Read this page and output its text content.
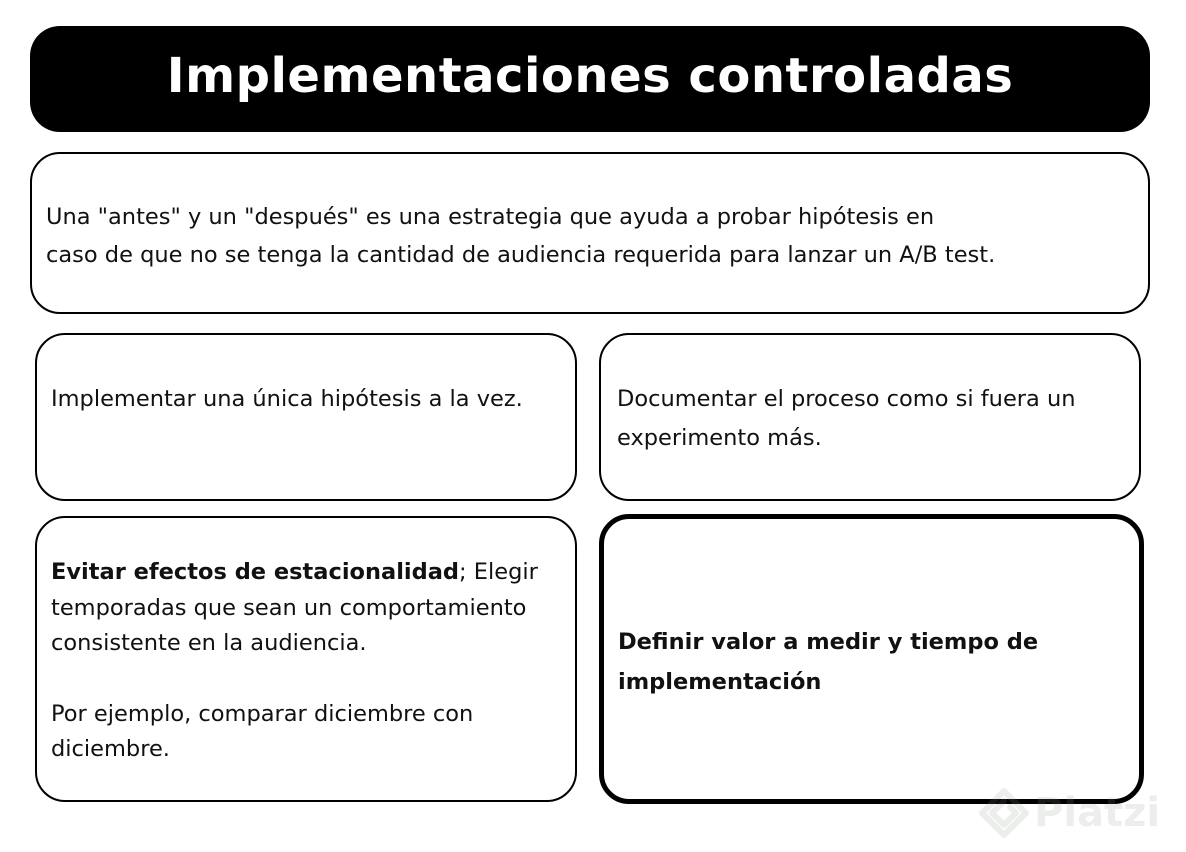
Implementaciones controladas

Una "antes" y un "después" es una estrategia que ayuda a probar hipótesis en

caso de que no se tenga la cantidad de audiencia requerida para lanzar un A/B test.

Implementar una única hipótesis a la vez.	Documentar el proceso como si fuera un experimento más.

Evitar efectos de estacionalidad; Elegir temporadas que sean un comportamiento consistente en la audiencia.

Por ejemplo, comparar diciembre con diciembre.

Definir valor a medir y tiempo de implementación

Platzi
